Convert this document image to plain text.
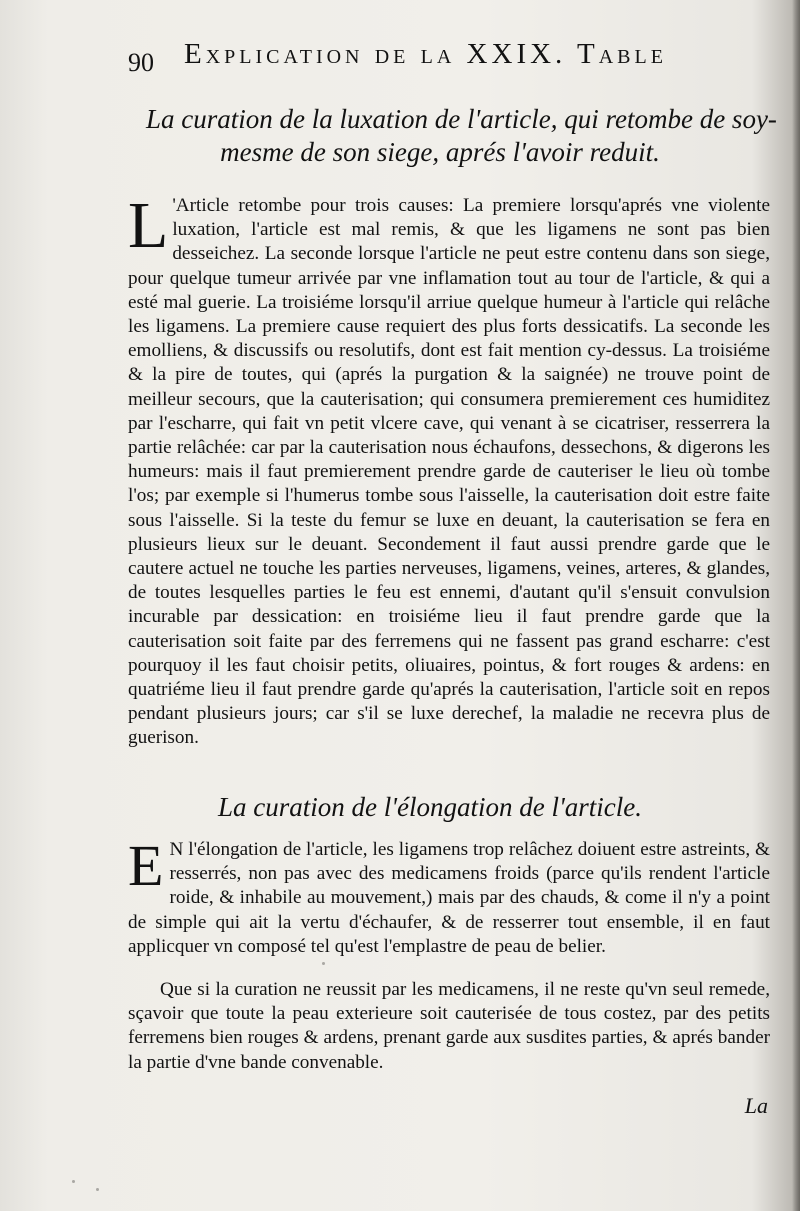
90 Explication de la XXIX. Table
La curation de la luxation de l'article, qui retombe de soy-
mesme de son siege, aprés l'avoir reduit.

L 'Article retombe pour trois causes: La premiere lorsqu'aprés vne violente luxation, l'article est mal remis, & que les ligamens ne sont pas bien desseichez. La seconde lorsque l'article ne peut estre contenu dans son siege, pour quelque tumeur arrivée par vne inflamation tout au tour de l'article, & qui a esté mal guerie. La troisiéme lorsqu'il arriue quelque humeur à l'article qui relâche les ligamens. La premiere cause requiert des plus forts dessicatifs. La seconde les emolliens, & discussifs ou resolutifs, dont est fait mention cy-dessus. La troisiéme & la pire de toutes, qui (aprés la purgation & la saignée) ne trouve point de meilleur secours, que la cauterisation; qui consumera premierement ces humiditez par l'escharre, qui fait vn petit vlcere cave, qui venant à se cicatriser, resserrera la partie relâchée: car par la cauterisation nous échaufons, dessechons, & digerons les humeurs: mais il faut premierement prendre garde de cauteriser le lieu où tombe l'os; par exemple si l'humerus tombe sous l'aisselle, la cauterisation doit estre faite sous l'aisselle. Si la teste du femur se luxe en deuant, la cauterisation se fera en plusieurs lieux sur le deuant. Secondement il faut aussi prendre garde que le cautere actuel ne touche les parties nerveuses, ligamens, veines, arteres, & glandes, de toutes lesquelles parties le feu est ennemi, d'autant qu'il s'ensuit convulsion incurable par dessication: en troisiéme lieu il faut prendre garde que la cauterisation soit faite par des ferremens qui ne fassent pas grand escharre: c'est pourquoy il les faut choisir petits, oliuaires, pointus, & fort rouges & ardens: en quatriéme lieu il faut prendre garde qu'aprés la cauterisation, l'article soit en repos pendant plusieurs jours; car s'il se luxe derechef, la maladie ne recevra plus de guerison.

La curation de l'élongation de l'article.

E N l'élongation de l'article, les ligamens trop relâchez doiuent estre astreints, & resserrés, non pas avec des medicamens froids (parce qu'ils rendent l'article roide, & inhabile au mouvement,) mais par des chauds, & come il n'y a point de simple qui ait la vertu d'échaufer, & de resserrer tout ensemble, il en faut applicquer vn composé tel qu'est l'emplastre de peau de belier.

Que si la curation ne reussit par les medicamens, il ne reste qu'vn seul remede, sçavoir que toute la peau exterieure soit cauterisée de tous costez, par des petits ferremens bien rouges & ardens, prenant garde aux susdites parties, & aprés bander la partie d'vne bande convenable.

La
